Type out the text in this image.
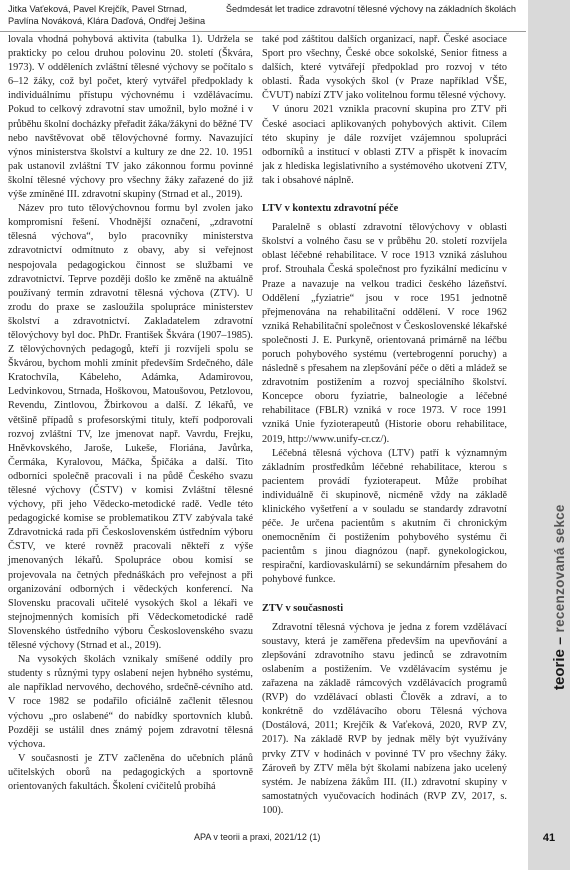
Jitka Vaťeková, Pavel Krejčík, Pavel Strnad,
Pavlína Nováková, Klára Daďová, Ondřej Ješina
Šedmdesát let tradice zdravotní tělesné výchovy na základních školách
teorie – recenzovaná sekce

lovala vhodná pohybová aktivita (tabulka 1). Udržela se prakticky po celou druhou polovinu 20. století (Škvára, 1973). V odděleních zvláštní tělesné výchovy se počítalo s 6–12 žáky, což byl počet, který vytvářel předpoklady k individuálnímu přístupu výchovnému i vzdělávacímu. Pokud to celkový zdravotní stav umožnil, bylo možné i v průběhu školní docházky přeřadit žáka/žákyni do běžné TV nebo navštěvovat obě tělovýchovné formy. Navazující výnos ministerstva školství a kultury ze dne 22. 10. 1951 pak ustanovil zvláštní TV jako zákonnou formu povinné školní tělesné výchovy pro všechny žáky zařazené do již výše zmíněné III. zdravotní skupiny (Strnad et al., 2019).

Název pro tuto tělovýchovnou formu byl zvolen jako kompromisní řešení. Vhodnější označení, „zdravotní tělesná výchova“, bylo pracovníky ministerstva zdravotnictví odmítnuto z obavy, aby si veřejnost nespojovala pedagogickou činnost se službami ve zdravotnictví. Teprve později došlo ke změně na aktuálně používaný termín zdravotní tělesná výchova (ZTV). U zrodu do praxe se zasloužila spolupráce ministerstev školství a zdravotnictví. Zakladatelem zdravotní tělovýchovy byl doc. PhDr. František Škvára (1907–1985). Z tělovýchovných pedagogů, kteří ji rozvíjeli spolu se Škvárou, bychom mohli zmínit především Srdečného, dále Kratochvíla, Kábeleho, Adámka, Adamirovou, Ledvinkovou, Strnada, Hoškovou, Matoušovou, Petzlovou, Revendu, Zintlovou, Žbirkovou a další. Z lékařů, ve většině případů s profesorskými tituly, kteří podporovali rozvoj zvláštní TV, lze jmenovat např. Vavrdu, Frejku, Hněvkovského, Jaroše, Lukeše, Floriána, Javůrka, Čermáka, Kyralovou, Máčka, Špičáka a další. Tito odborníci společně pracovali i na půdě Českého svazu tělesné výchovy (ČSTV) v komisi Zvláštní tělesné výchovy, při jeho Vědecko-metodické radě. Vedle této pedagogické komise se problematikou ZTV zabývala také Zdravotnická rada při Československém ústředním výboru ČSTV, ve které rovněž pracovali někteří z výše jmenovaných lékařů. Spolupráce obou komisí se projevovala na četných přednáškách pro veřejnost a při organizování odborných i vědeckých konferencí. Na Slovensku pracovali učitelé vysokých škol a lékaři ve stejnojmenných komisích při Vědeckometodické radě Slovenského ústředního výboru Československého svazu tělesné výchovy (Strnad et al., 2019).

Na vysokých školách vznikaly smíšené oddíly pro studenty s různými typy oslabení nejen hybného systému, ale například nervového, dechového, srdečně-cévního atd. V roce 1982 se podařilo oficiálně začlenit tělesnou výchovu „pro oslabené“ do nabídky sportovních klubů. Později se ustálil dnes známý pojem zdravotní tělesná výchova.

V současnosti je ZTV začleněna do učebních plánů učitelských oborů na pedagogických a sportovně orientovaných fakultách. Školení cvičitelů probíhá

také pod záštitou dalších organizací, např. České asociace Sport pro všechny, České obce sokolské, Senior fitness a dalších, které vytvářejí předpoklad pro rozvoj v této oblasti. Řada vysokých škol (v Praze například VŠE, ČVUT) nabízí ZTV jako volitelnou formu tělesné výchovy.

V únoru 2021 vznikla pracovní skupina pro ZTV při České asociaci aplikovaných pohybových aktivit. Cílem této skupiny je dále rozvíjet vzájemnou spolupráci odborníků a institucí v oblasti ZTV a přispět k inovacím jak z hlediska legislativního a systémového ukotvení ZTV, tak i obsahové náplně.

LTV v kontextu zdravotní péče

Paralelně s oblastí zdravotní tělovýchovy v oblasti školství a volného času se v průběhu 20. století rozvíjela oblast léčebné rehabilitace. V roce 1913 vzniká zásluhou prof. Strouhala Česká společnost pro fyzikální medicínu v Praze a navazuje na velkou tradici českého lázeňství. Oddělení „fyziatrie“ jsou v roce 1951 jednotně přejmenována na rehabilitační oddělení. V roce 1962 vzniká Rehabilitační společnost v Československé lékařské společnosti J. E. Purkyně, orientovaná primárně na léčbu poruch pohybového systému (vertebrogenní poruchy) a následně s přesahem na zlepšování péče o děti a mládež se zdravotním postižením a rozvoj speciálního školství. Koncepce oboru fyziatrie, balneologie a léčebné rehabilitace (FBLR) vzniká v roce 1973. V roce 1991 vzniká Unie fyzioterapeutů (Historie oboru rehabilitace, 2019, http://www.unify-cr.cz/).

Léčebná tělesná výchova (LTV) patří k významným základním prostředkům léčebné rehabilitace, kterou s pacientem provádí fyzioterapeut. Může probíhat individuálně či skupinově, nicméně vždy na základě klinického vyšetření a v souladu se standardy zdravotní péče. Je určena pacientům s akutním či chronickým onemocněním či postižením pohybového systému či pacientům s jinou diagnózou (např. gynekologickou, respirační, kardiovaskulární) se sekundárním přesahem do pohybové funkce.

ZTV v současnosti

Zdravotní tělesná výchova je jedna z forem vzdělávací soustavy, která je zaměřena především na upevňování a zlepšování zdravotního stavu jedinců se zdravotním oslabením a postižením. Ve vzdělávacím systému je zařazena na základě rámcových vzdělávacích programů (RVP) do vzdělávací oblasti Člověk a zdraví, a to konkrétně do vzdělávacího oboru Tělesná výchova (Dostálová, 2011; Krejčík & Vaťeková, 2020, RVP ZV, 2017). Na základě RVP by jednak měly být využívány prvky ZTV v hodinách v povinné TV pro všechny žáky. Zároveň by ZTV měla být školami nabízena jako ucelený systém. Je nabízena žákům III. (II.) zdravotní skupiny v samostatných vyučovacích hodinách (RVP ZV, 2017, s. 100).

APA v teorii a praxi, 2021/12 (1)	41
